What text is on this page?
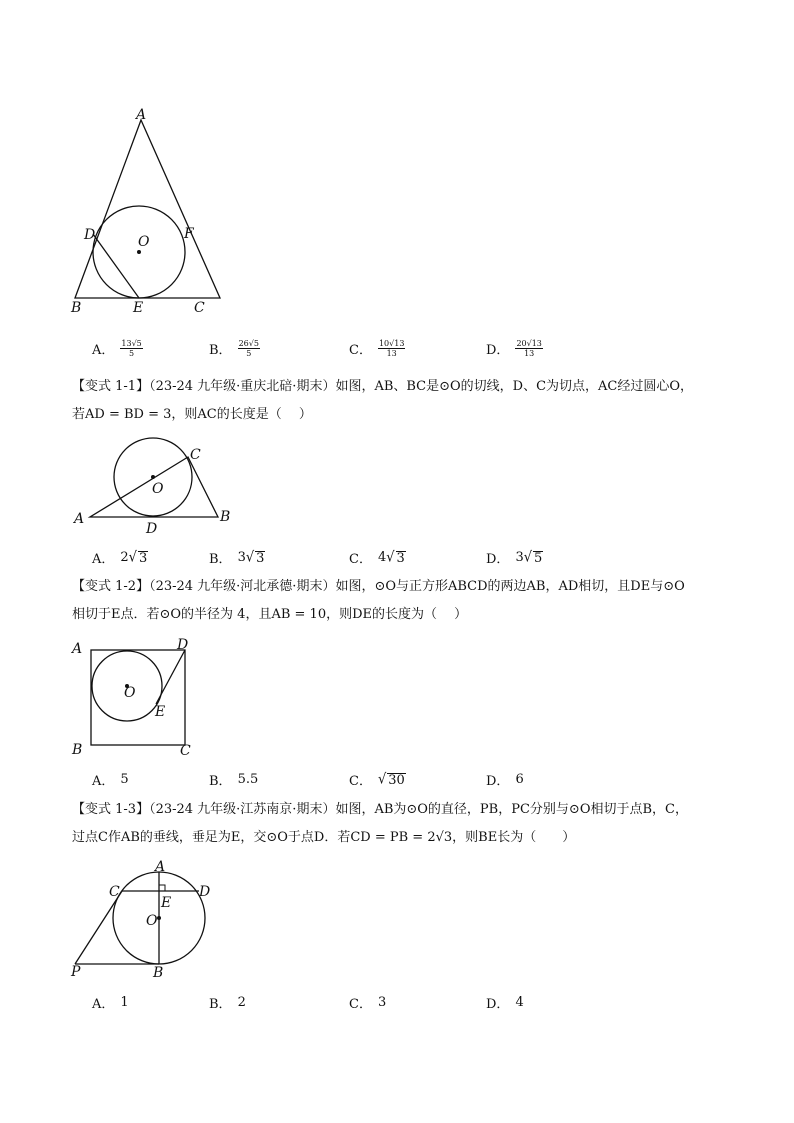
A
B	C
D
E
F
O
A． $\frac{13√5}{5}$	B． $\frac{26√5}{5}$	C． $\frac{10√13}{13}$	D． $\frac{20√13}{13}$

【变式 1-1】（23-24 九年级·重庆北碚·期末）如图，AB、BC是⊙O的切线，D、C为切点，AC经过圆心O，

若AD = BD = 3，则AC的长度是（　 ）

A	B
C
D
O
A． 2 √ 3	B． 3 √ 3	C． 4 √ 3	D． 3 √ 5

【变式 1-2】（23-24 九年级·河北承德·期末）如图，⊙O与正方形ABCD的两边AB，AD相切，且DE与⊙O

相切于E点．若⊙O的半径为 4，且AB = 10，则DE的长度为（　 ）

A
B	C
D
E
O
A． 5	B． 5.5	C． √ 30	D． 6

【变式 1-3】（23-24 九年级·江苏南京·期末）如图，AB为⊙O的直径，PB，PC分别与⊙O相切于点B，C，

过点C作AB的垂线，垂足为E，交⊙O于点D．若CD = PB = 2√3，则BE长为（　　）

A
B
C	D
E
O
P
A． 1	B． 2	C． 3	D． 4
